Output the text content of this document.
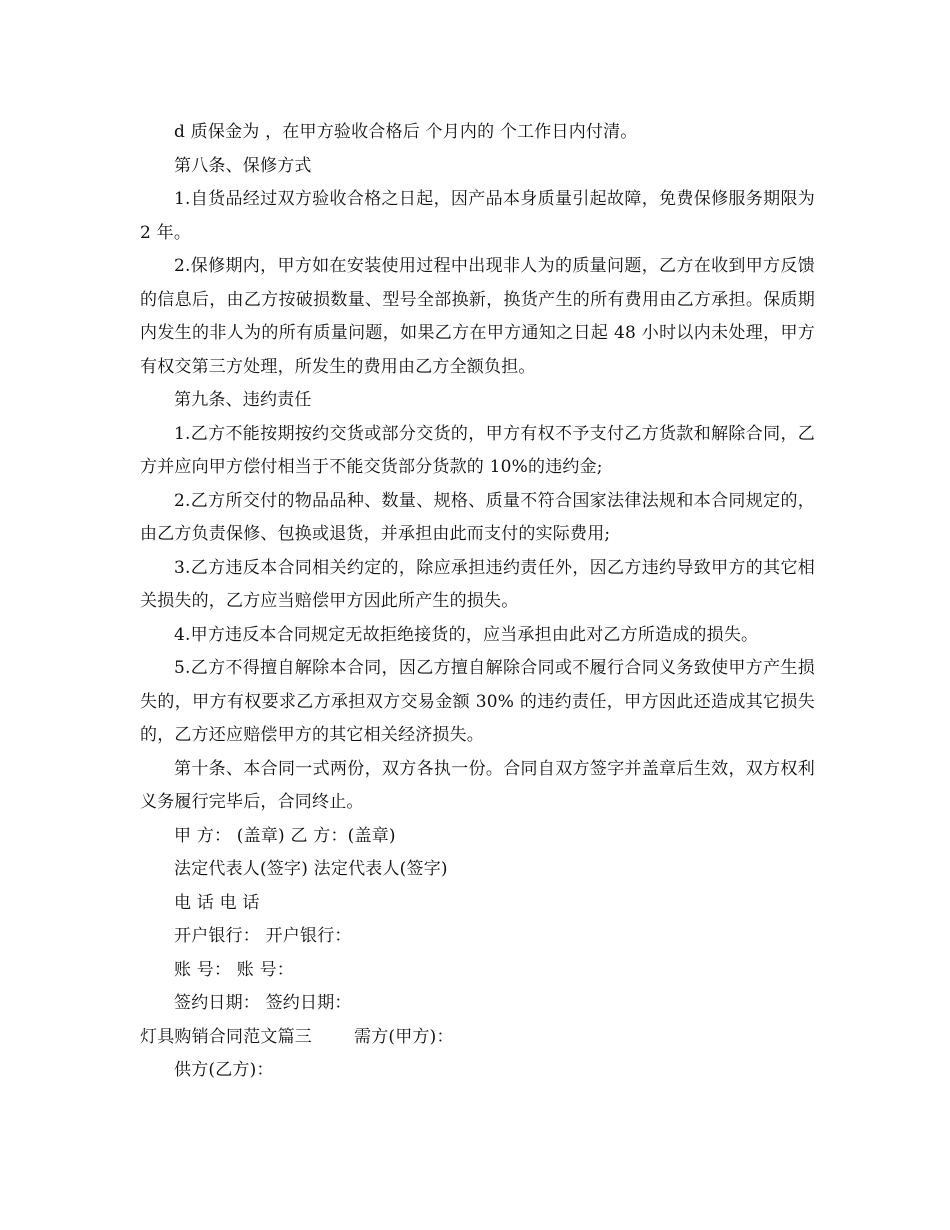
d 质保金为 ，在甲方验收合格后 个月内的 个工作日内付清。

第八条、保修方式

1.自货品经过双方验收合格之日起，因产品本身质量引起故障，免费保修服务期限为 2 年。

2.保修期内，甲方如在安装使用过程中出现非人为的质量问题，乙方在收到甲方反馈的信息后，由乙方按破损数量、型号全部换新，换货产生的所有费用由乙方承担。保质期内发生的非人为的所有质量问题，如果乙方在甲方通知之日起 48 小时以内未处理，甲方有权交第三方处理，所发生的费用由乙方全额负担。

第九条、违约责任

1.乙方不能按期按约交货或部分交货的，甲方有权不予支付乙方货款和解除合同，乙方并应向甲方偿付相当于不能交货部分货款的 10%的违约金;

2.乙方所交付的物品品种、数量、规格、质量不符合国家法律法规和本合同规定的，由乙方负责保修、包换或退货，并承担由此而支付的实际费用;

3.乙方违反本合同相关约定的，除应承担违约责任外，因乙方违约导致甲方的其它相关损失的，乙方应当赔偿甲方因此所产生的损失。

4.甲方违反本合同规定无故拒绝接货的，应当承担由此对乙方所造成的损失。

5.乙方不得擅自解除本合同，因乙方擅自解除合同或不履行合同义务致使甲方产生损失的，甲方有权要求乙方承担双方交易金额 30% 的违约责任，甲方因此还造成其它损失的，乙方还应赔偿甲方的其它相关经济损失。

第十条、本合同一式两份，双方各执一份。合同自双方签字并盖章后生效，双方权利义务履行完毕后，合同终止。

甲 方： (盖章) 乙 方：(盖章)

法定代表人(签字) 法定代表人(签字)

电 话 电 话

开户银行： 开户银行：

账 号： 账 号：

签约日期： 签约日期：

灯具购销合同范文篇三 需方(甲方)：

供方(乙方)：
